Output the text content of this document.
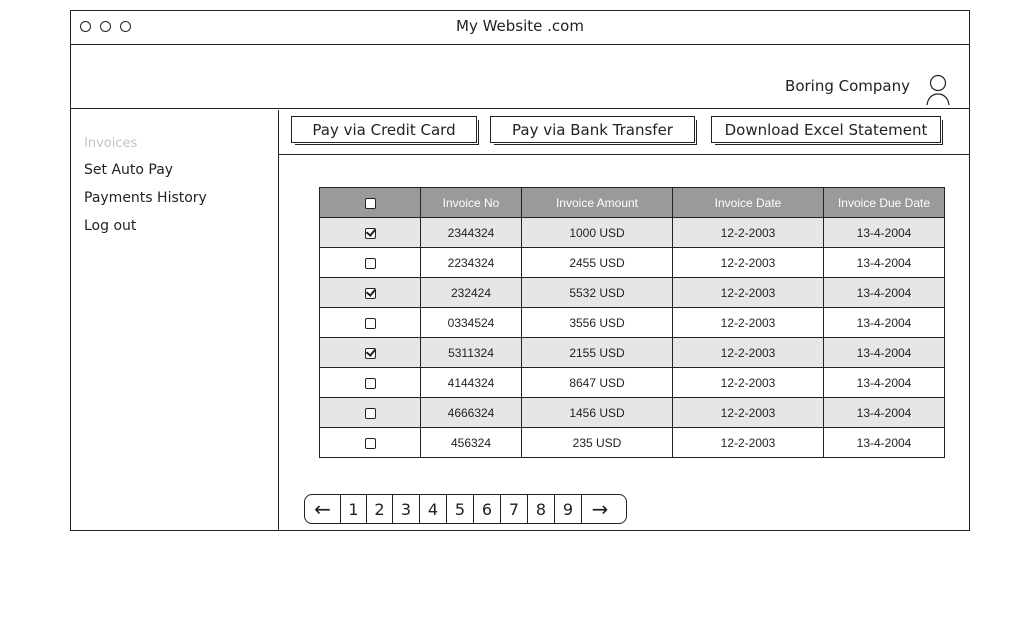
My Website .com
Boring Company
Invoices
Set Auto Pay
Payments History
Log out
Pay via Credit Card	Pay via Bank Transfer	Download Excel Statement
	Invoice No	Invoice Amount	Invoice Date	Invoice Due Date
	2344324	1000 USD	12-2-2003	13-4-2004
	2234324	2455 USD	12-2-2003	13-4-2004
	232424	5532 USD	12-2-2003	13-4-2004
	0334524	3556 USD	12-2-2003	13-4-2004
	5311324	2155 USD	12-2-2003	13-4-2004
	4144324	8647 USD	12-2-2003	13-4-2004
	4666324	1456 USD	12-2-2003	13-4-2004
	456324	235 USD	12-2-2003	13-4-2004
←	1 2	3	4	5	6	7	8	9 →
